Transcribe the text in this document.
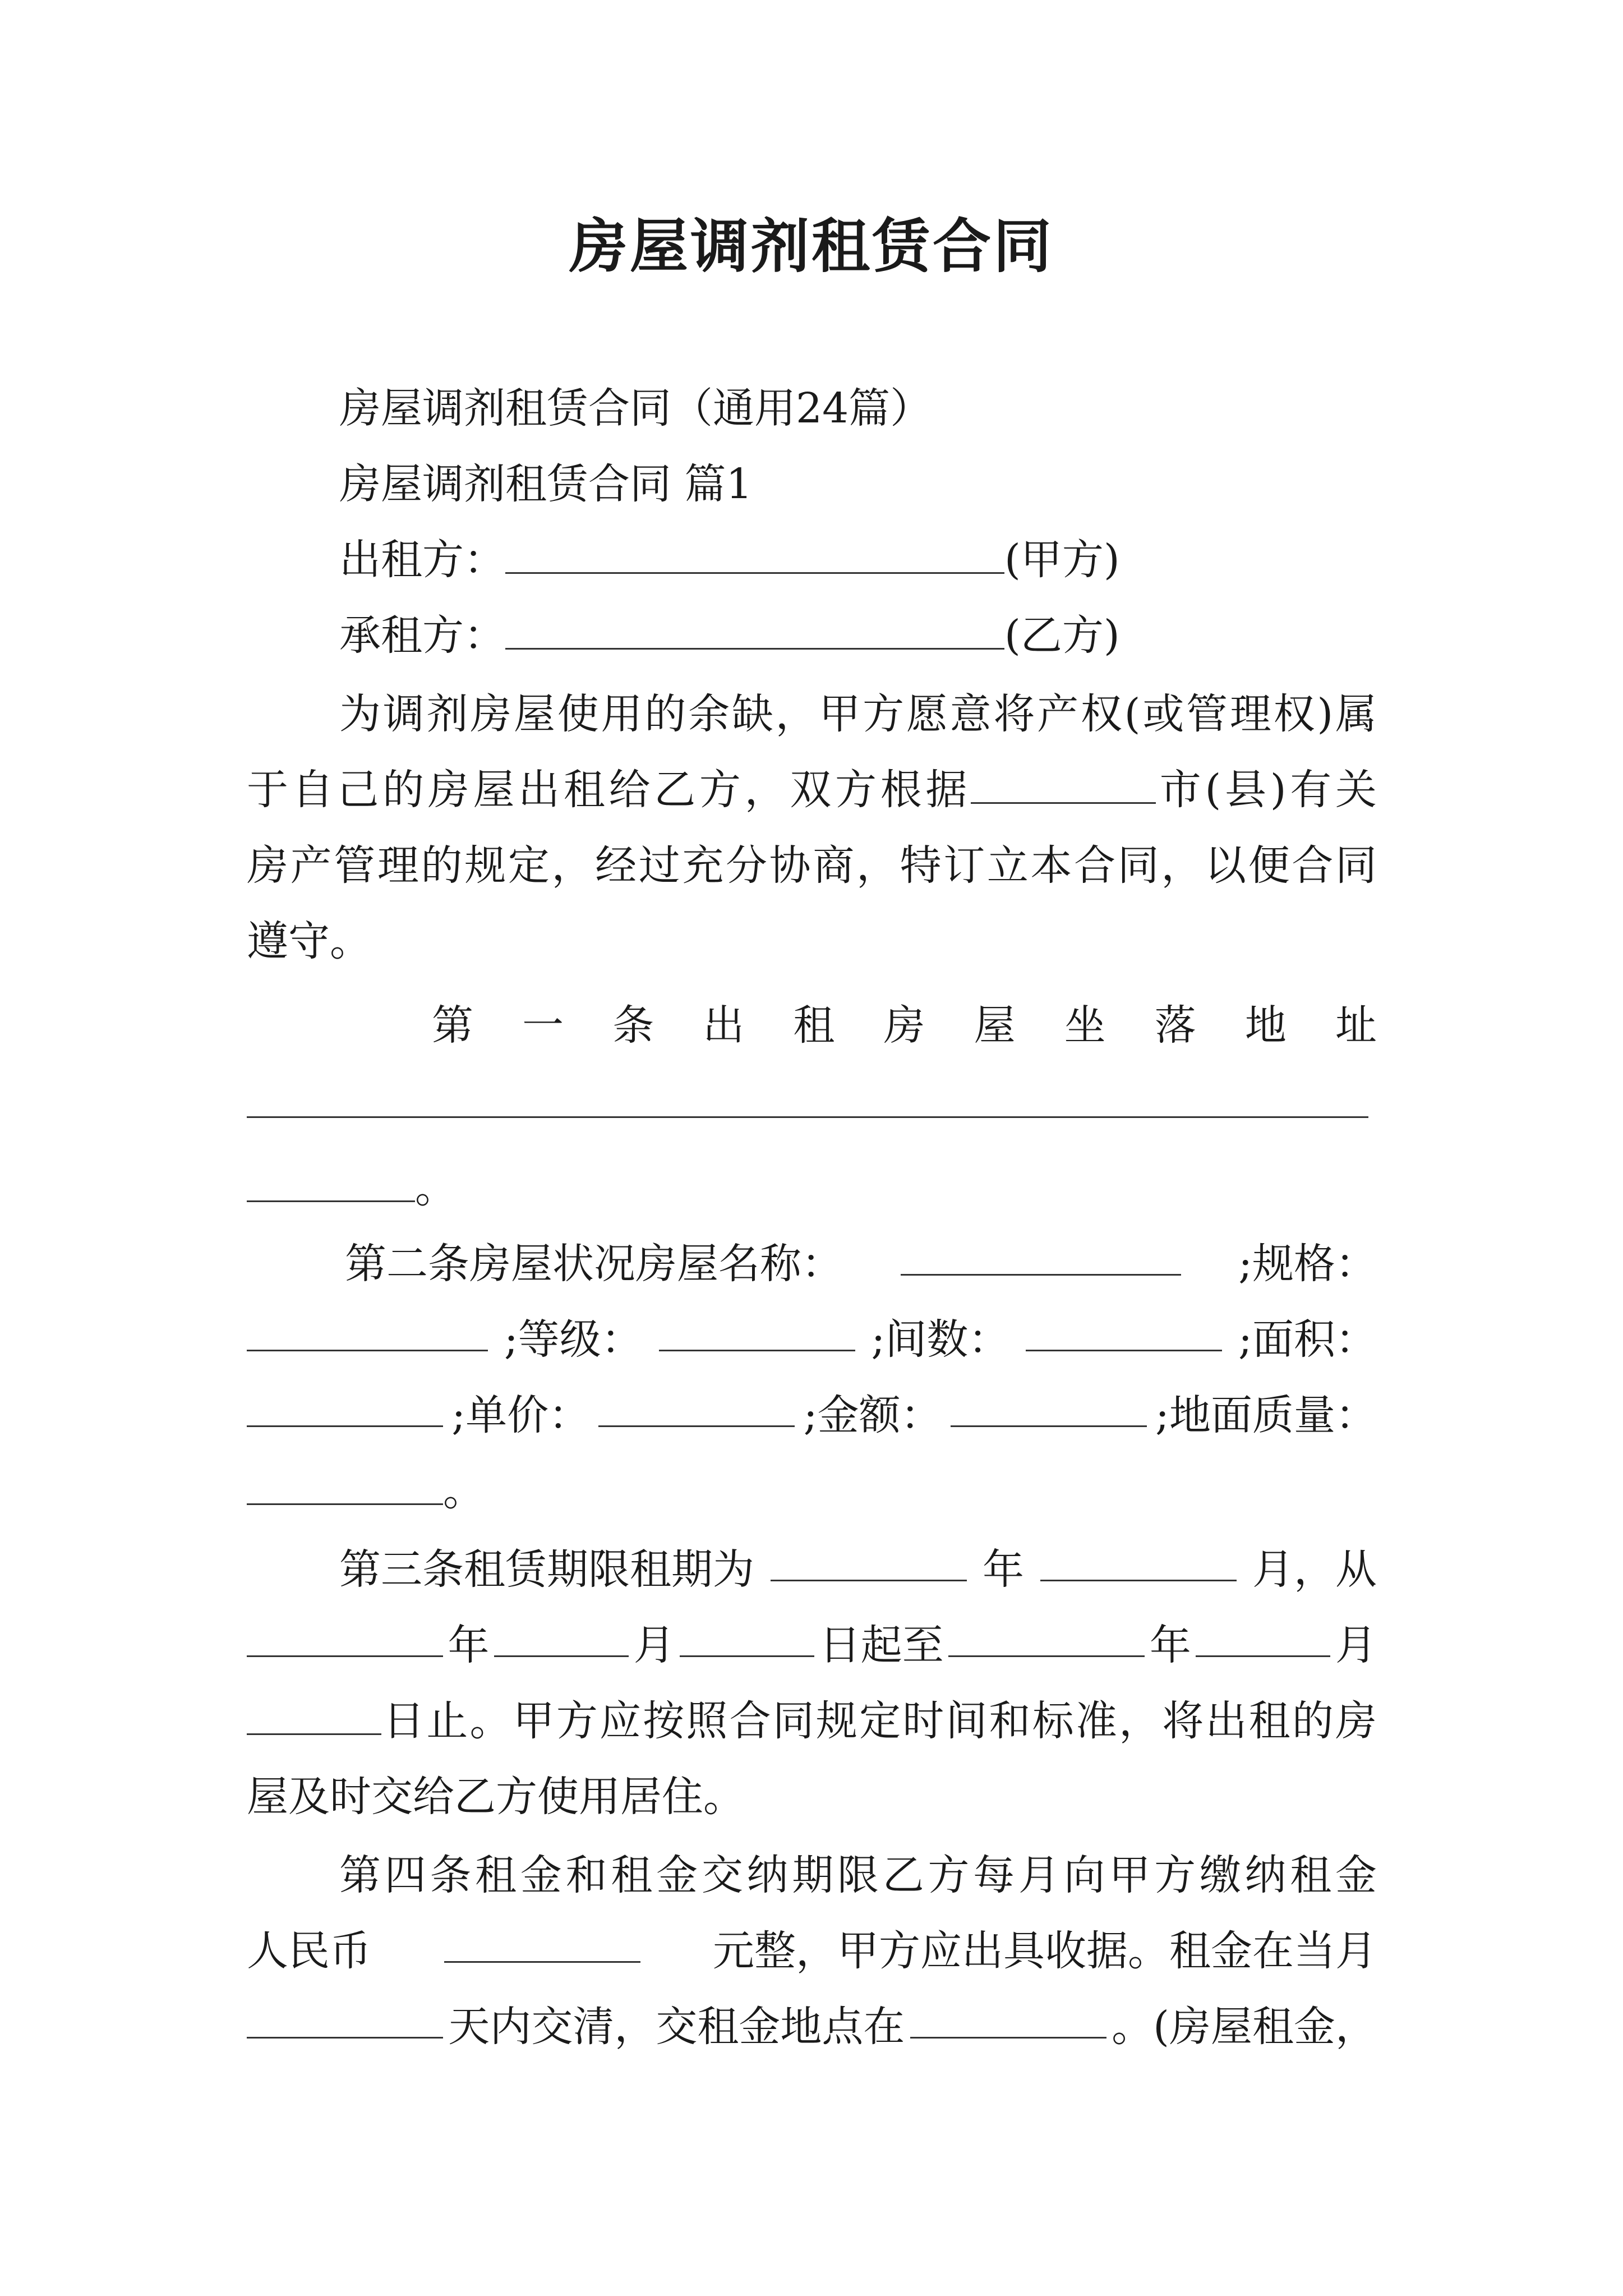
房屋调剂租赁合同
房屋调剂租赁合同（通用24篇）
房屋调剂租赁合同 篇1
出租方：	(甲方)
承租方：	(乙方)
为调剂房屋使用的余缺，甲方愿意将产权(或管理权)属
于自己的房屋出租给乙方，双方根据	市(县)有关
房产管理的规定，经过充分协商，特订立本合同，以便合同
遵守。
第 一 条 出 租 房 屋 坐 落 地 址
。
第二条房屋状况房屋名称：	;规格：
;等级：	;间数：	;面积：
;单价：	;金额：	;地面质量：
。
第三条租赁期限租期为	年	月，从
年	月	日起至	年	月
日止。甲方应按照合同规定时间和标准，将出租的房
屋及时交给乙方使用居住。
第四条租金和租金交纳期限乙方每月向甲方缴纳租金
人民币	元整，甲方应出具收据。租金在当月
天内交清，交租金地点在	。(房屋租金，
